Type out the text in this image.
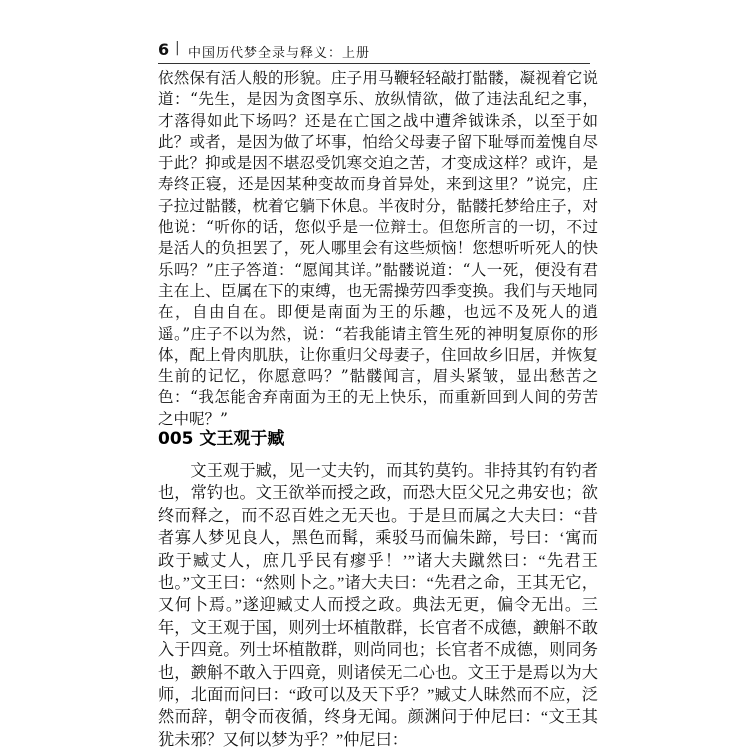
6 | 中国历代梦全录与释义：上册

依然保有活人般的形貌。庄子用马鞭轻轻敲打骷髅，凝视着它说道：“先生，是因为贪图享乐、放纵情欲，做了违法乱纪之事，才落得如此下场吗？还是在亡国之战中遭斧钺诛杀，以至于如此？或者，是因为做了坏事，怕给父母妻子留下耻辱而羞愧自尽于此？抑或是因不堪忍受饥寒交迫之苦，才变成这样？或许，是寿终正寝，还是因某种变故而身首异处，来到这里？”说完，庄子拉过骷髅，枕着它躺下休息。半夜时分，骷髅托梦给庄子，对他说：“听你的话，您似乎是一位辩士。但您所言的一切，不过是活人的负担罢了，死人哪里会有这些烦恼！您想听听死人的快乐吗？”庄子答道：“愿闻其详。”骷髅说道：“人一死，便没有君主在上、臣属在下的束缚，也无需操劳四季变换。我们与天地同在，自由自在。即便是南面为王的乐趣，也远不及死人的逍遥。”庄子不以为然，说：“若我能请主管生死的神明复原你的形体，配上骨肉肌肤，让你重归父母妻子，住回故乡旧居，并恢复生前的记忆，你愿意吗？”骷髅闻言，眉头紧皱，显出愁苦之色：“我怎能舍弃南面为王的无上快乐，而重新回到人间的劳苦之中呢？”

005 文王观于臧

文王观于臧，见一丈夫钓，而其钓莫钓。非持其钓有钓者也，常钓也。文王欲举而授之政，而恐大臣父兄之弗安也；欲终而释之，而不忍百姓之无天也。于是旦而属之大夫曰：“昔者寡人梦见良人，黑色而髯，乘驳马而偏朱蹄，号曰：‘寓而政于臧丈人，庶几乎民有瘳乎！’”诸大夫蹴然曰：“先君王也。”文王曰：“然则卜之。”诸大夫曰：“先君之命，王其无它，又何卜焉。”遂迎臧丈人而授之政。典法无更，偏令无出。三年，文王观于国，则列士坏植散群，长官者不成德，斔斛不敢入于四竟。列士坏植散群，则尚同也；长官者不成德，则同务也，斔斛不敢入于四竟，则诸侯无二心也。文王于是焉以为大师，北面而问曰：“政可以及天下乎？”臧丈人昧然而不应，泛然而辞，朝令而夜循，终身无闻。颜渊问于仲尼曰：“文王其犹未邪？又何以梦为乎？”仲尼曰：
